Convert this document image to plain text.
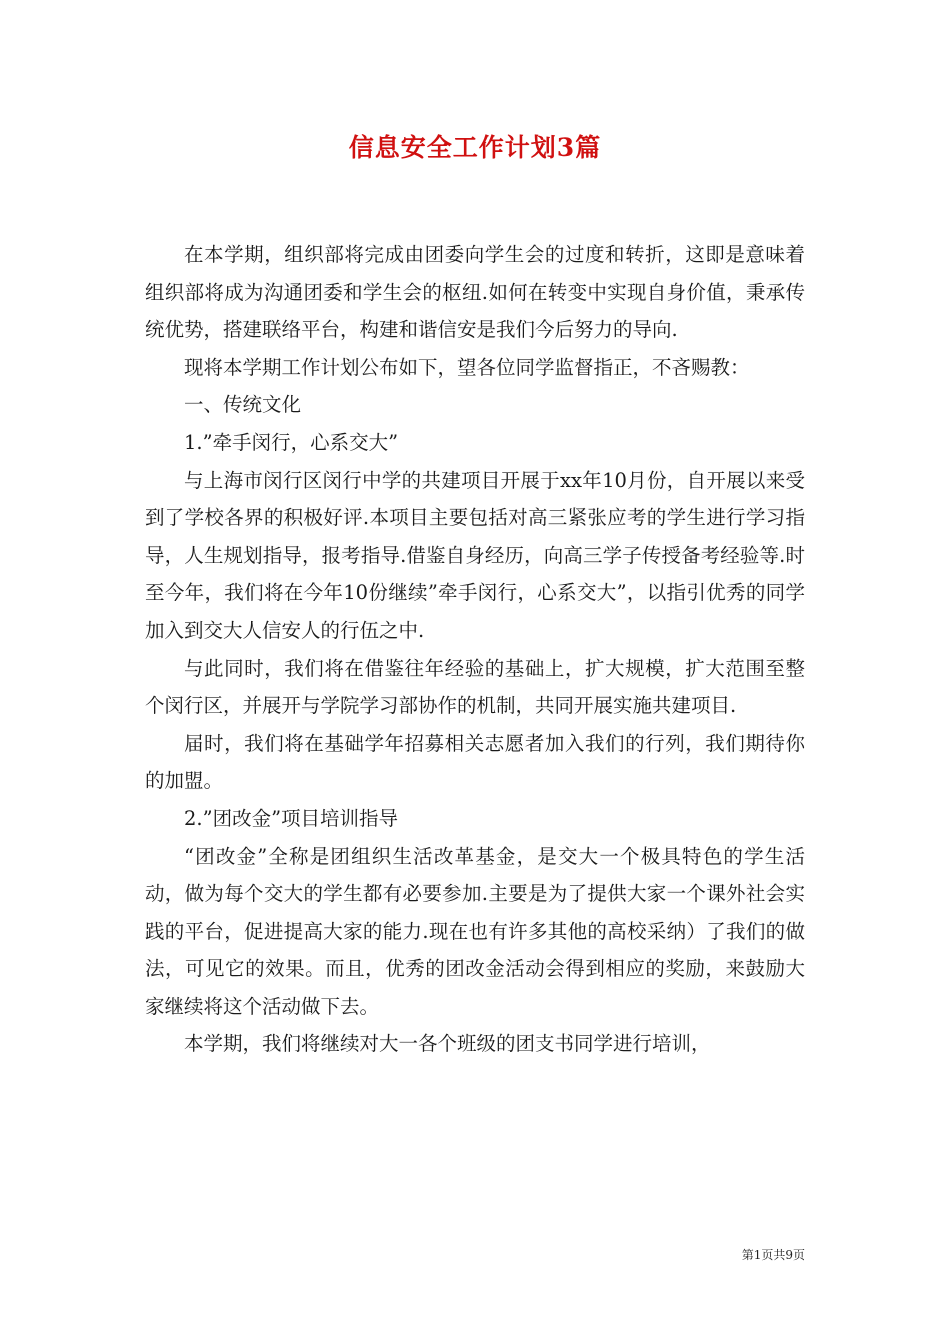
信息安全工作计划3篇

在本学期，组织部将完成由团委向学生会的过度和转折，这即是意味着组织部将成为沟通团委和学生会的枢纽.如何在转变中实现自身价值，秉承传统优势，搭建联络平台，构建和谐信安是我们今后努力的导向.

现将本学期工作计划公布如下，望各位同学监督指正，不吝赐教：

一、传统文化

1.”牵手闵行，心系交大”

与上海市闵行区闵行中学的共建项目开展于xx年10月份，自开展以来受到了学校各界的积极好评.本项目主要包括对高三紧张应考的学生进行学习指导，人生规划指导，报考指导.借鉴自身经历，向高三学子传授备考经验等.时至今年，我们将在今年10份继续”牵手闵行，心系交大”，以指引优秀的同学加入到交大人信安人的行伍之中.

与此同时，我们将在借鉴往年经验的基础上，扩大规模，扩大范围至整个闵行区，并展开与学院学习部协作的机制，共同开展实施共建项目.

届时，我们将在基础学年招募相关志愿者加入我们的行列，我们期待你的加盟。

2.”团改金”项目培训指导

“团改金”全称是团组织生活改革基金，是交大一个极具特色的学生活动，做为每个交大的学生都有必要参加.主要是为了提供大家一个课外社会实践的平台，促进提高大家的能力.现在也有许多其他的高校采纳）了我们的做法，可见它的效果。而且，优秀的团改金活动会得到相应的奖励，来鼓励大家继续将这个活动做下去。

本学期，我们将继续对大一各个班级的团支书同学进行培训，

第1页共9页
